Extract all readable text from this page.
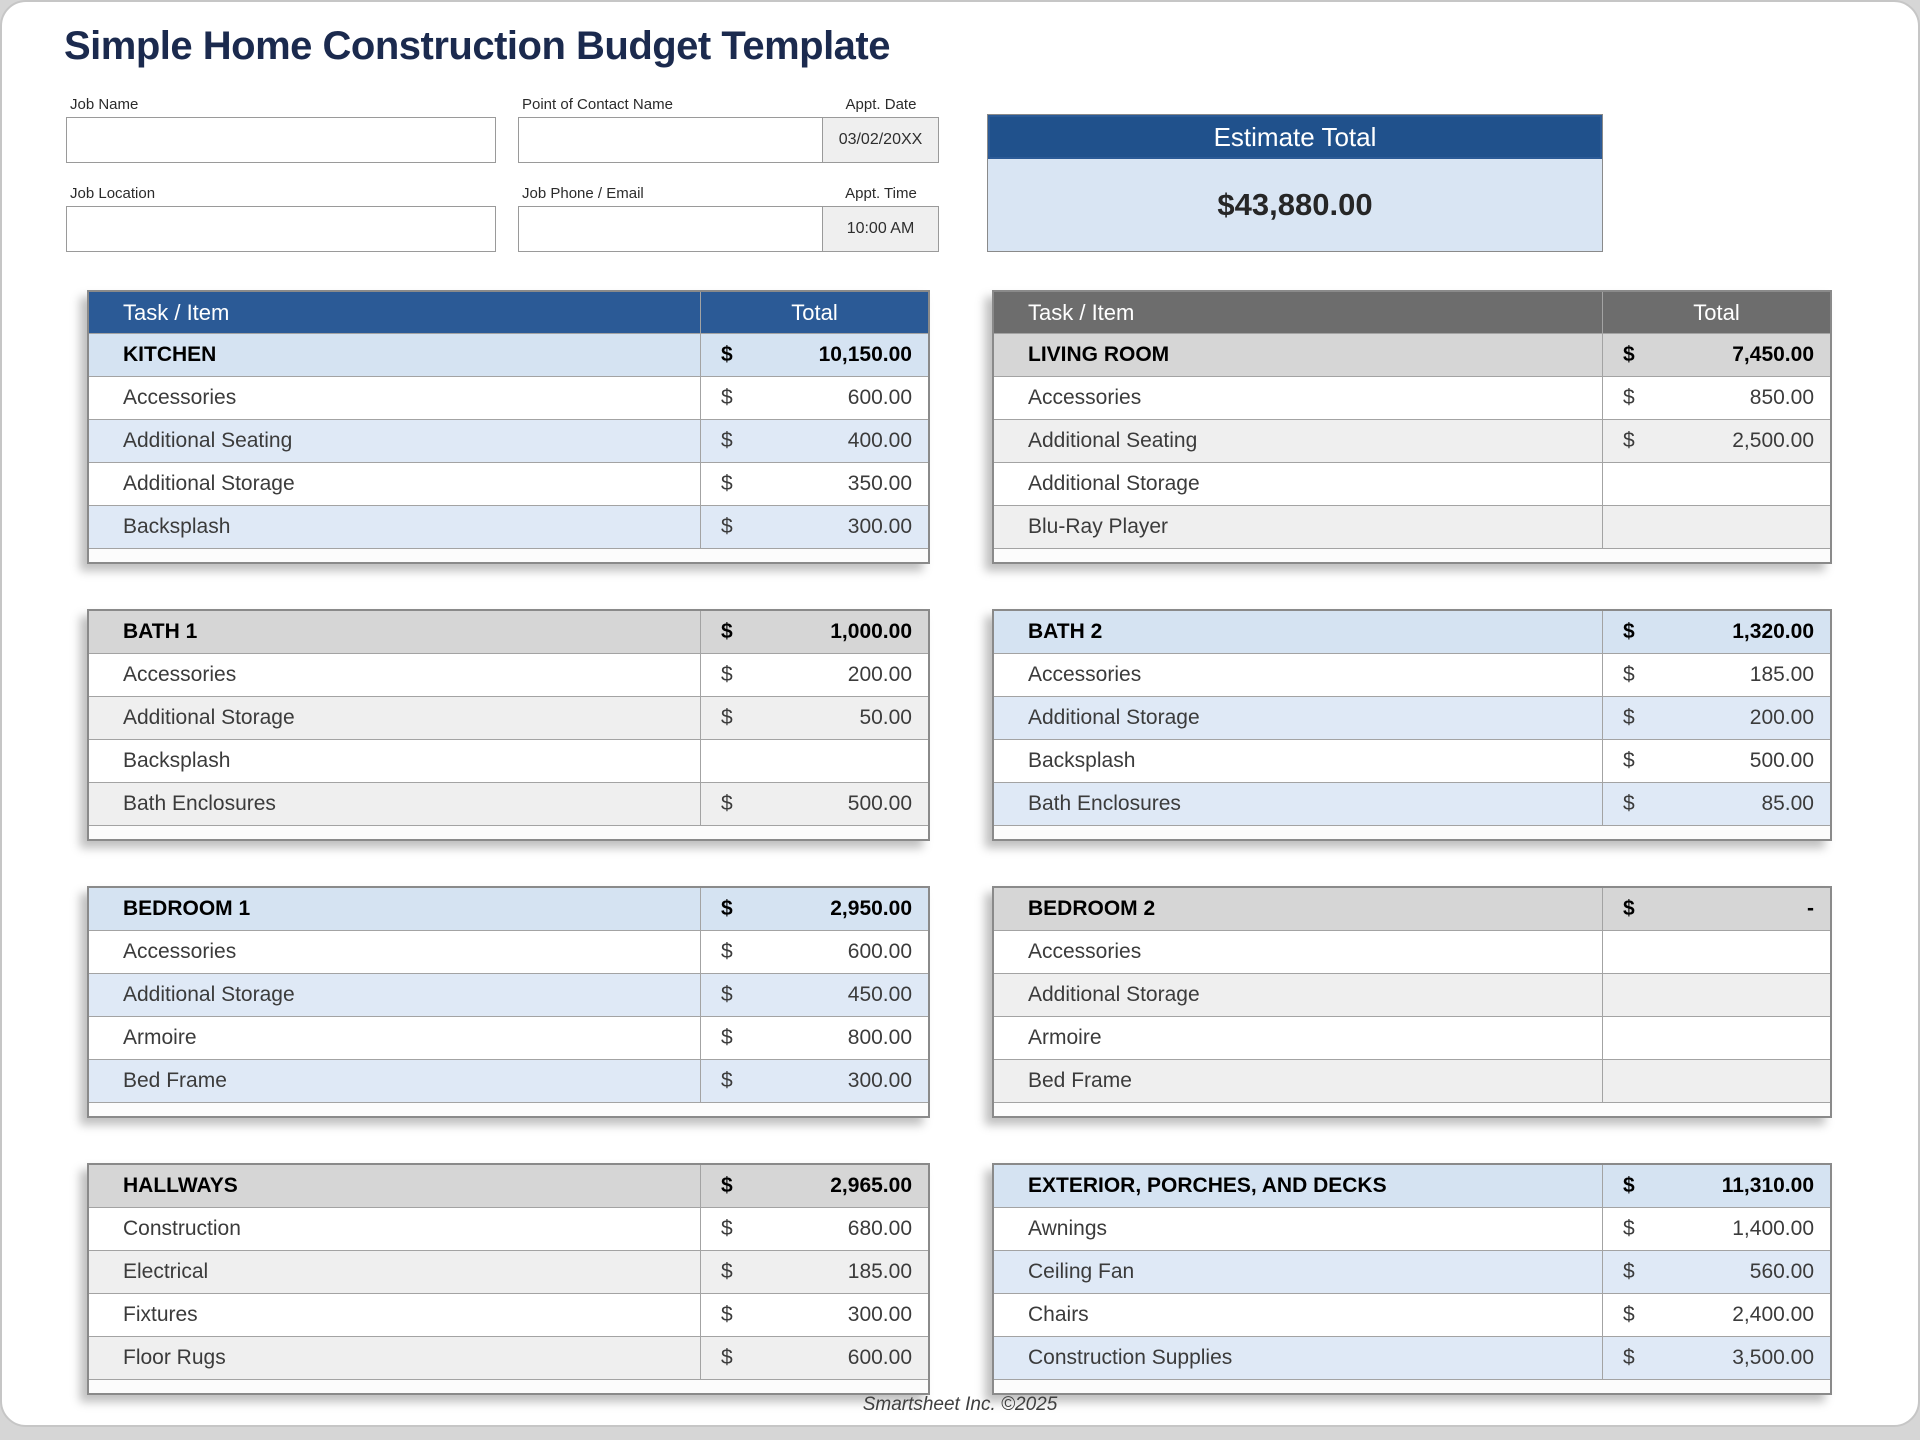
Simple Home Construction Budget Template
Job Name	Point of Contact Name	Appt. Date
03/02/20XX
Job Location	Job Phone / Email	Appt. Time
10:00 AM
Estimate Total
$43,880.00
Task / Item	Total
KITCHEN	$	10,150.00
Accessories	$	600.00
Additional Seating	$	400.00
Additional Storage	$	350.00
Backsplash	$	300.00
Task / Item	Total
LIVING ROOM	$	7,450.00
Accessories	$	850.00
Additional Seating	$	2,500.00
Additional Storage
Blu-Ray Player
BATH 1	$	1,000.00
Accessories	$	200.00
Additional Storage	$	50.00
Backsplash
Bath Enclosures	$	500.00
BATH 2	$	1,320.00
Accessories	$	185.00
Additional Storage	$	200.00
Backsplash	$	500.00
Bath Enclosures	$	85.00
BEDROOM 1	$	2,950.00
Accessories	$	600.00
Additional Storage	$	450.00
Armoire	$	800.00
Bed Frame	$	300.00
BEDROOM 2	$	-
Accessories
Additional Storage
Armoire
Bed Frame
HALLWAYS	$	2,965.00
Construction	$	680.00
Electrical	$	185.00
Fixtures	$	300.00
Floor Rugs	$	600.00
EXTERIOR, PORCHES, AND DECKS	$	11,310.00
Awnings	$	1,400.00
Ceiling Fan	$	560.00
Chairs	$	2,400.00
Construction Supplies	$	3,500.00
Smartsheet Inc. ©2025
